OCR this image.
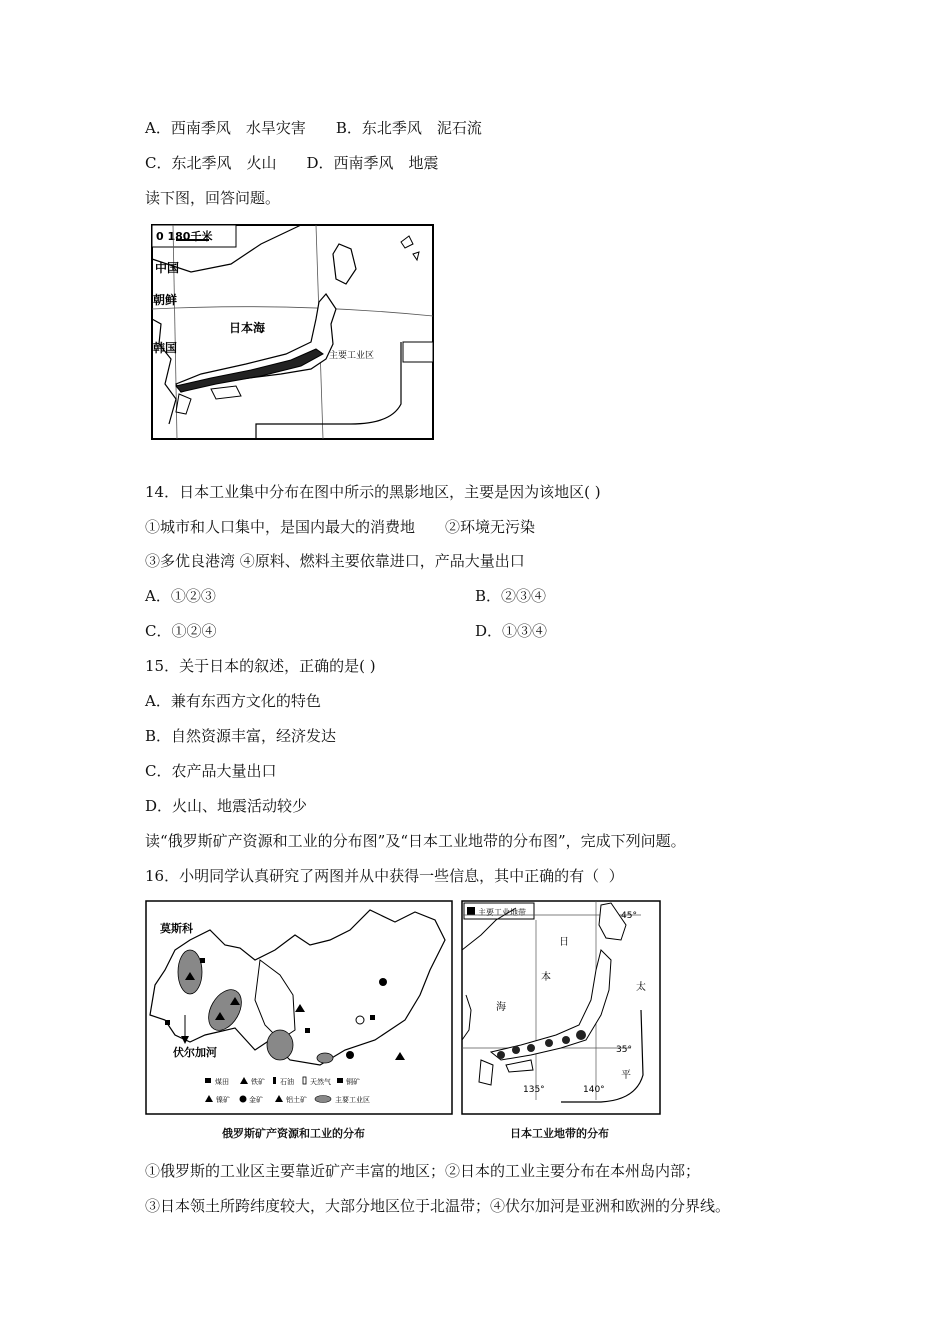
A．西南季风　水旱灾害　　B．东北季风　泥石流
C．东北季风　火山　　D．西南季风　地震
读下图，回答问题。
0 180千米
中国
朝鲜
韩国
日本海
主要工业区
14．日本工业集中分布在图中所示的黑影地区，主要是因为该地区( )
①城市和人口集中，是国内最大的消费地　　②环境无污染
③多优良港湾 ④原料、燃料主要依靠进口，产品大量出口
A．①②③	B．②③④
C．①②④	D．①③④
15．关于日本的叙述，正确的是( )
A．兼有东西方文化的特色
B．自然资源丰富，经济发达
C．农产品大量出口
D．火山、地震活动较少
读“俄罗斯矿产资源和工业的分布图”及“日本工业地带的分布图”，完成下列问题。
16．小明同学认真研究了两图并从中获得一些信息，其中正确的有（  ）
莫斯科
伏尔加河
煤田	铁矿 石油 天然气 铜矿
镍矿	金矿	铝土矿	主要工业区
俄罗斯矿产资源和工业的分布
主要工业地带	45°
35°
135°	140°
日
本
海
太
平
日本工业地带的分布
①俄罗斯的工业区主要靠近矿产丰富的地区；②日本的工业主要分布在本州岛内部；
③日本领土所跨纬度较大，大部分地区位于北温带；④伏尔加河是亚洲和欧洲的分界线。
